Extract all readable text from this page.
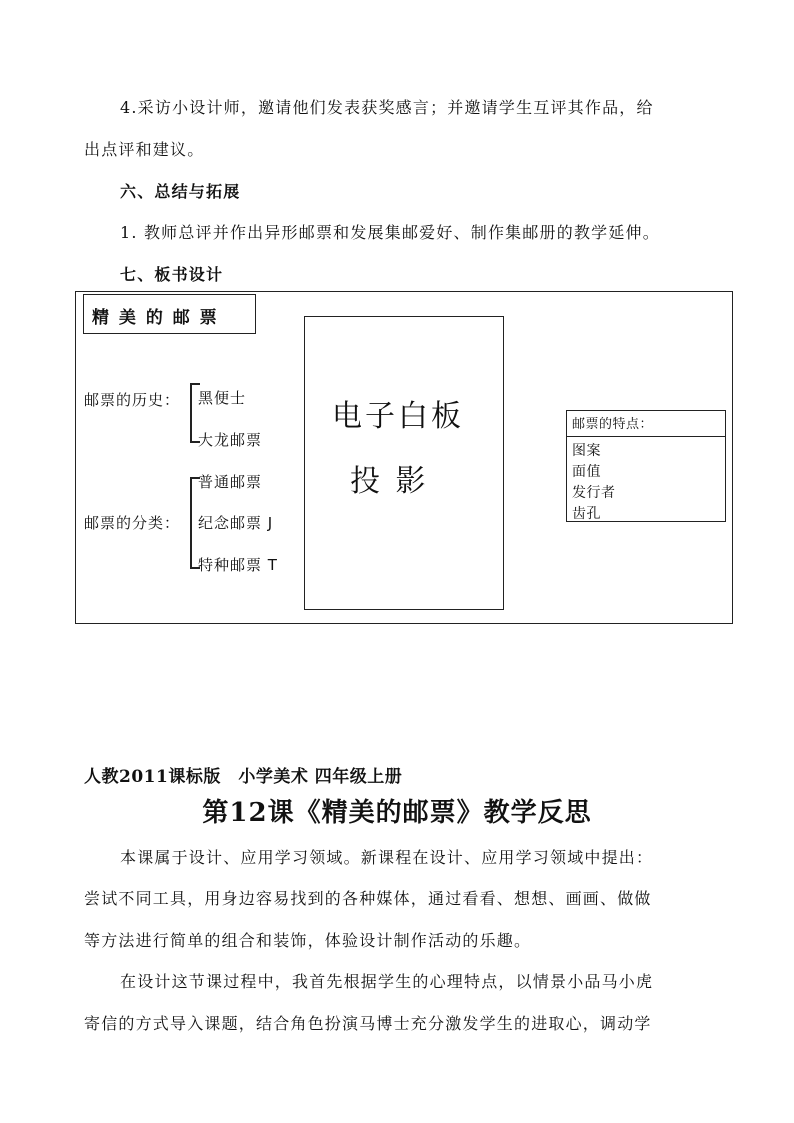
4.采访小设计师，邀请他们发表获奖感言；并邀请学生互评其作品，给
出点评和建议。
六、总结与拓展
1. 教师总评并作出异形邮票和发展集邮爱好、制作集邮册的教学延伸。
七、板书设计
精 美 的 邮 票
邮票的历史： 黑便士
大龙邮票
邮票的分类：
普通邮票
纪念邮票 J
特种邮票 T
电子白板
投 影
邮票的特点：
图案
面值
发行者
齿孔
人教2011课标版　小学美术 四年级上册
第12课《精美的邮票》教学反思
本课属于设计、应用学习领域。新课程在设计、应用学习领域中提出：
尝试不同工具，用身边容易找到的各种媒体，通过看看、想想、画画、做做
等方法进行简单的组合和装饰，体验设计制作活动的乐趣。
在设计这节课过程中，我首先根据学生的心理特点，以情景小品马小虎
寄信的方式导入课题，结合角色扮演马博士充分激发学生的进取心，调动学
